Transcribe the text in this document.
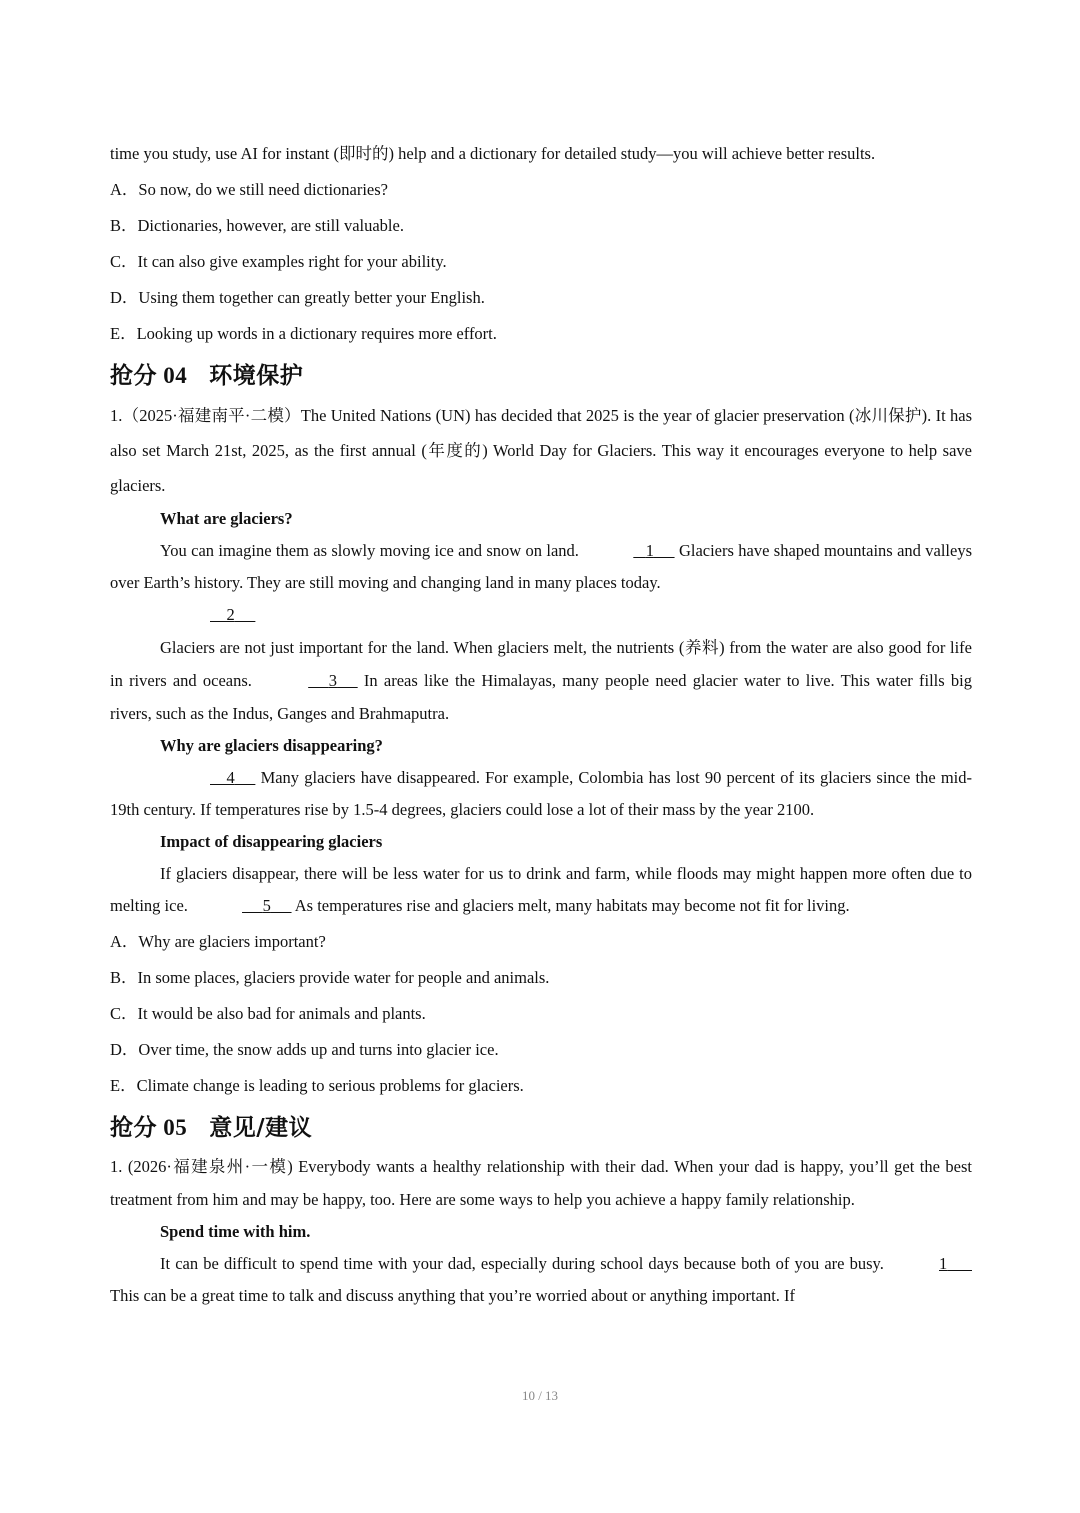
time you study, use AI for instant (即时的) help and a dictionary for detailed study—you will achieve better results.

A．So now, do we still need dictionaries?

B．Dictionaries, however, are still valuable.

C．It can also give examples right for your ability.

D．Using them together can greatly better your English.

E．Looking up words in a dictionary requires more effort.

抢分 04 环境保护

1.（2025·福建南平·二模）The United Nations (UN) has decided that 2025 is the year of glacier preservation (冰川保护). It has also set March 21st, 2025, as the first annual (年度的) World Day for Glaciers. This way it encourages everyone to help save glaciers.

What are glaciers?

You can imagine them as slowly moving ice and snow on land.	1 Glaciers have shaped mountains and valleys over Earth’s history. They are still moving and changing land in many places today.

2

Glaciers are not just important for the land. When glaciers melt, the nutrients (养料) from the water are also good for life in rivers and oceans.	3 In areas like the Himalayas, many people need glacier water to live. This water fills big rivers, such as the Indus, Ganges and Brahmaputra.

Why are glaciers disappearing?

4 Many glaciers have disappeared. For example, Colombia has lost 90 percent of its glaciers since the mid-19th century. If temperatures rise by 1.5-4 degrees, glaciers could lose a lot of their mass by the year 2100.

Impact of disappearing glaciers

If glaciers disappear, there will be less water for us to drink and farm, while floods may might happen more often due to melting ice.	5 As temperatures rise and glaciers melt, many habitats may become not fit for living.

A．Why are glaciers important?

B．In some places, glaciers provide water for people and animals.

C．It would be also bad for animals and plants.

D．Over time, the snow adds up and turns into glacier ice.

E．Climate change is leading to serious problems for glaciers.

抢分 05 意见/建议

1. (2026·福建泉州·一模) Everybody wants a healthy relationship with their dad. When your dad is happy, you’ll get the best treatment from him and may be happy, too. Here are some ways to help you achieve a happy family relationship.

Spend time with him.

It can be difficult to spend time with your dad, especially during school days because both of you are busy.	1       This can be a great time to talk and discuss anything that you’re worried about or anything important. If

10 / 13
